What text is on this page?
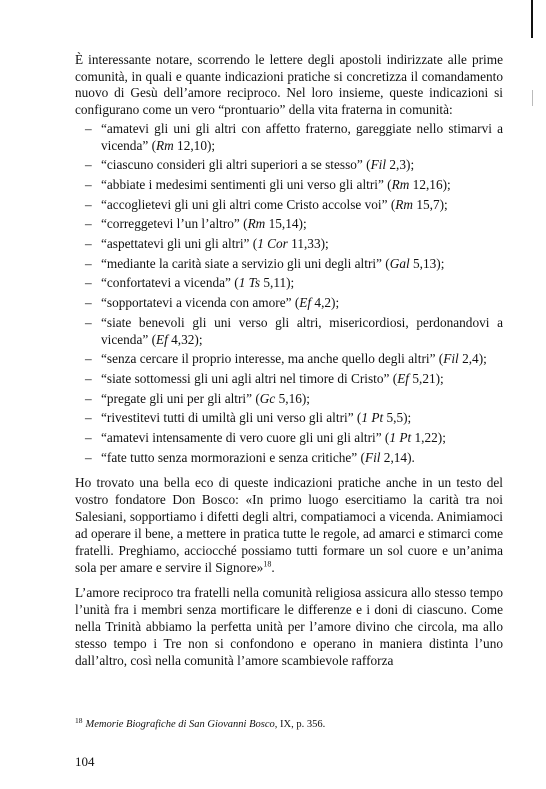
È interessante notare, scorrendo le lettere degli apostoli indirizzate alle prime comunità, in quali e quante indicazioni pratiche si concretizza il comandamento nuovo di Gesù dell’amore reciproco. Nel loro insieme, queste indicazioni si configurano come un vero “prontuario” della vita fraterna in comunità:

– “amatevi gli uni gli altri con affetto fraterno, gareggiate nello stimarvi a vicenda” (Rm 12,10);
– “ciascuno consideri gli altri superiori a se stesso” (Fil 2,3);
– “abbiate i medesimi sentimenti gli uni verso gli altri” (Rm 12,16);
– “accoglietevi gli uni gli altri come Cristo accolse voi” (Rm 15,7);
– “correggetevi l’un l’altro” (Rm 15,14);
– “aspettatevi gli uni gli altri” (1 Cor 11,33);
– “mediante la carità siate a servizio gli uni degli altri” (Gal 5,13);
– “confortatevi a vicenda” (1 Ts 5,11);
– “sopportatevi a vicenda con amore” (Ef 4,2);
– “siate benevoli gli uni verso gli altri, misericordiosi, perdonandovi a vicenda” (Ef 4,32);
– “senza cercare il proprio interesse, ma anche quello degli altri” (Fil 2,4);
– “siate sottomessi gli uni agli altri nel timore di Cristo” (Ef 5,21);
– “pregate gli uni per gli altri” (Gc 5,16);
– “rivestitevi tutti di umiltà gli uni verso gli altri” (1 Pt 5,5);
– “amatevi intensamente di vero cuore gli uni gli altri” (1 Pt 1,22);
– “fate tutto senza mormorazioni e senza critiche” (Fil 2,14).

Ho trovato una bella eco di queste indicazioni pratiche anche in un testo del vostro fondatore Don Bosco: «In primo luogo esercitiamo la carità tra noi Salesiani, sopportiamo i difetti degli altri, compatiamoci a vicenda. Animiamoci ad operare il bene, a mettere in pratica tutte le regole, ad amarci e stimarci come fratelli. Preghiamo, acciocché possiamo tutti formare un sol cuore e un’anima sola per amare e servire il Signore»$^{18}$.

L’amore reciproco tra fratelli nella comunità religiosa assicura allo stesso tempo l’unità fra i membri senza mortificare le differenze e i doni di ciascuno. Come nella Trinità abbiamo la perfetta unità per l’amore divino che circola, ma allo stesso tempo i Tre non si confondono e operano in maniera distinta l’uno dall’altro, così nella comunità l’amore scambievole rafforza

$^{18}$ Memorie Biografiche di San Giovanni Bosco, IX, p. 356.
104
